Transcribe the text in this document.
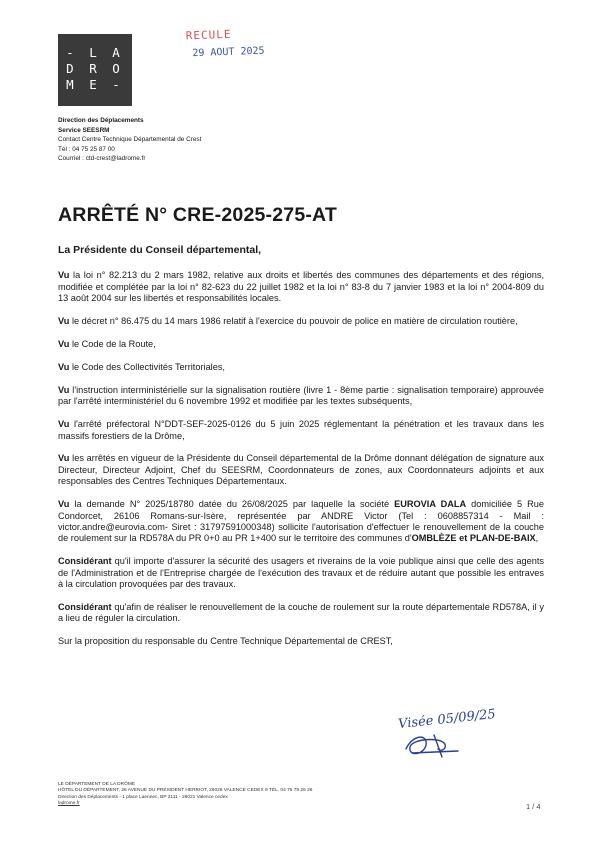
- L A
D R O
M E -
RECULE
29 AOUT 2025
Direction des Déplacements
Service SEESRM
Contact Centre Technique Départemental de Crest
Tél : 04 75 25 87 00
Courriel : ctd-crest@ladrome.fr
ARRÊTÉ N° CRE-2025-275-AT

La Présidente du Conseil départemental,

Vu la loi n° 82.213 du 2 mars 1982, relative aux droits et libertés des communes des départements et des régions, modifiée et complétée par la loi n° 82-623 du 22 juillet 1982 et la loi n° 83-8 du 7 janvier 1983 et la loi n° 2004-809 du 13 août 2004 sur les libertés et responsabilités locales.

Vu le décret n° 86.475 du 14 mars 1986 relatif à l'exercice du pouvoir de police en matière de circulation routière,

Vu le Code de la Route,

Vu le Code des Collectivités Territoriales,

Vu l'instruction interministérielle sur la signalisation routière (livre 1 - 8ème partie : signalisation temporaire) approuvée par l'arrêté interministériel du 6 novembre 1992 et modifiée par les textes subséquents,

Vu l'arrêté préfectoral N°DDT-SEF-2025-0126 du 5 juin 2025 réglementant la pénétration et les travaux dans les massifs forestiers de la Drôme,

Vu les arrêtés en vigueur de la Présidente du Conseil départemental de la Drôme donnant délégation de signature aux Directeur, Directeur Adjoint, Chef du SEESRM, Coordonnateurs de zones, aux Coordonnateurs adjoints et aux responsables des Centres Techniques Départementaux.

Vu la demande N° 2025/18780 datée du 26/08/2025 par laquelle la société EUROVIA DALA domiciliée 5 Rue Condorcet, 26106 Romans-sur-Isère, représentée par ANDRE Victor (Tel : 0608857314 - Mail : victor.andre@eurovia.com- Siret : 31797591000348) sollicite l'autorisation d'effectuer le renouvellement de la couche de roulement sur la RD578A du PR 0+0 au PR 1+400 sur le territoire des communes d'OMBLÈZE et PLAN-DE-BAIX,

Considérant qu'il importe d'assurer la sécurité des usagers et riverains de la voie publique ainsi que celle des agents de l'Administration et de l'Entreprise chargée de l'exécution des travaux et de réduire autant que possible les entraves à la circulation provoquées par des travaux.

Considérant qu'afin de réaliser le renouvellement de la couche de roulement sur la route départementale RD578A, il y a lieu de réguler la circulation.

Sur la proposition du responsable du Centre Technique Départemental de CREST,

Visée 05/09/25
LE DÉPARTEMENT DE LA DRÔME
HÔTEL DU DÉPARTEMENT, 26 AVENUE DU PRÉSIDENT HERRIOT, 26026 VALENCE CEDEX 9 TÉL. 04 75 79 26 26
Direction des Déplacements - 1 place Laennec, BP 2111 - 26021 Valence cedex
ladrome.fr	1 / 4
